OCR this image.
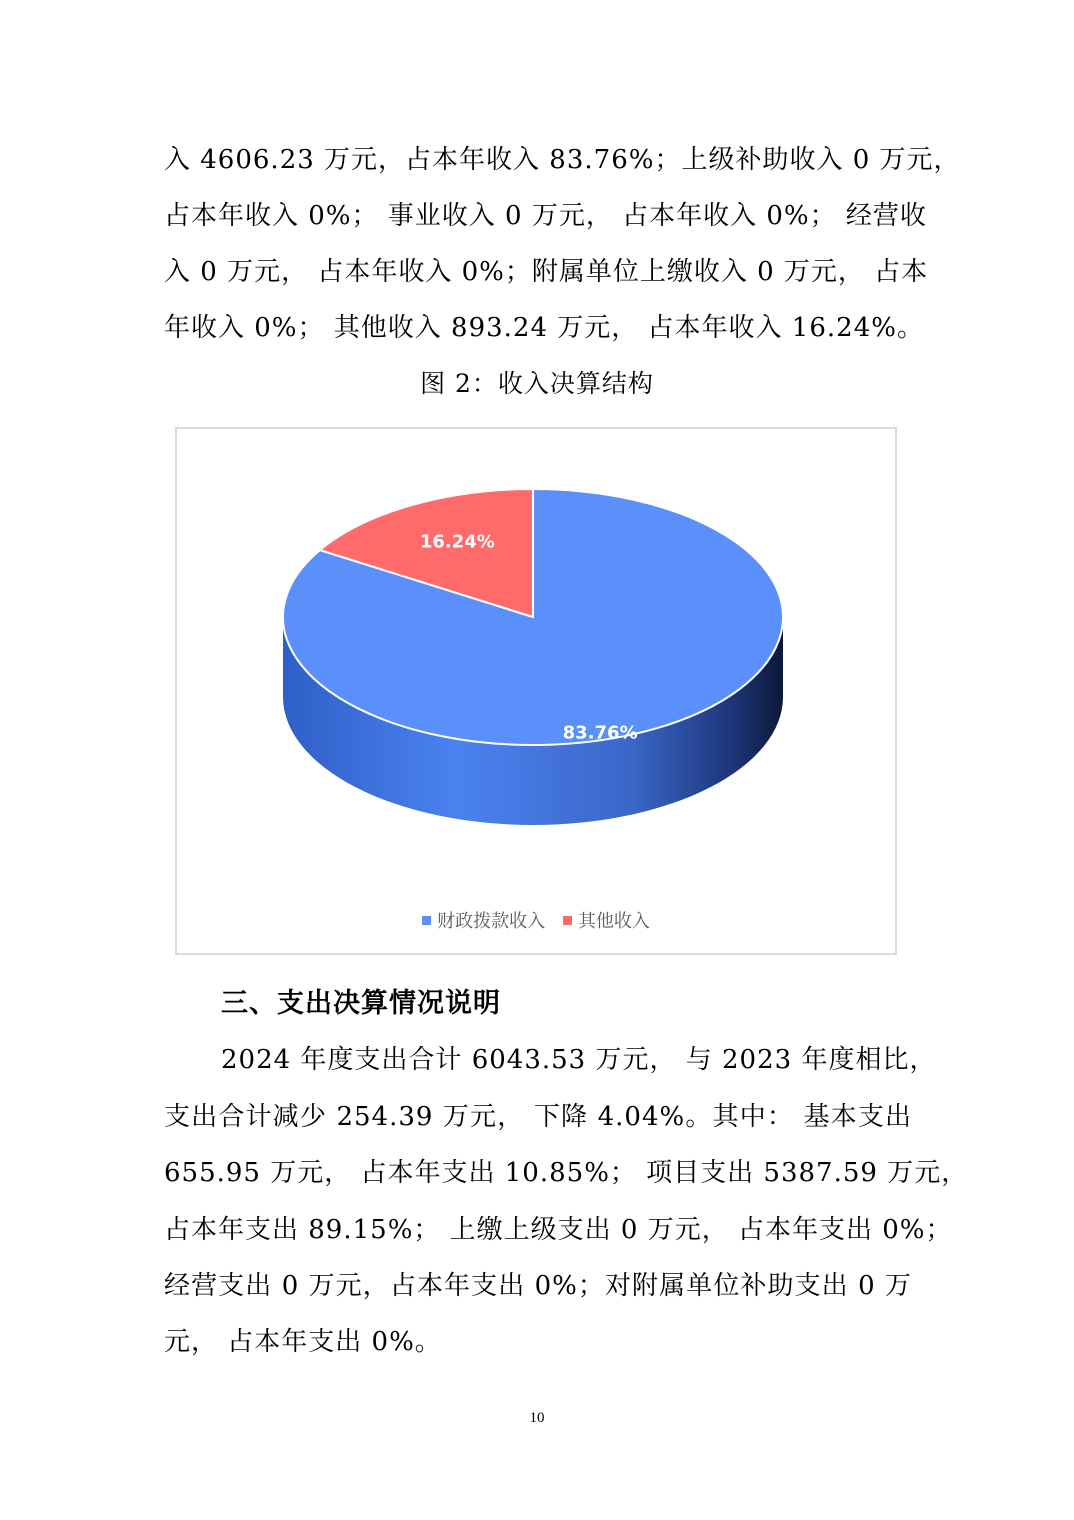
入 4606.23 万元，占本年收入 83.76%；上级补助收入 0 万元，
占本年收入 0%； 事业收入 0 万元， 占本年收入 0%； 经营收
入 0 万元， 占本年收入 0%；附属单位上缴收入 0 万元， 占本
年收入 0%； 其他收入 893.24 万元， 占本年收入 16.24%。
图 2：收入决算结构
83.76%
16.24%
财政拨款收入
其他收入
三、支出决算情况说明
2024 年度支出合计 6043.53 万元， 与 2023 年度相比，
支出合计减少 254.39 万元， 下降 4.04%。其中： 基本支出
655.95 万元， 占本年支出 10.85%； 项目支出 5387.59 万元，
占本年支出 89.15%； 上缴上级支出 0 万元， 占本年支出 0%；
经营支出 0 万元，占本年支出 0%；对附属单位补助支出 0 万
元， 占本年支出 0%。
10
